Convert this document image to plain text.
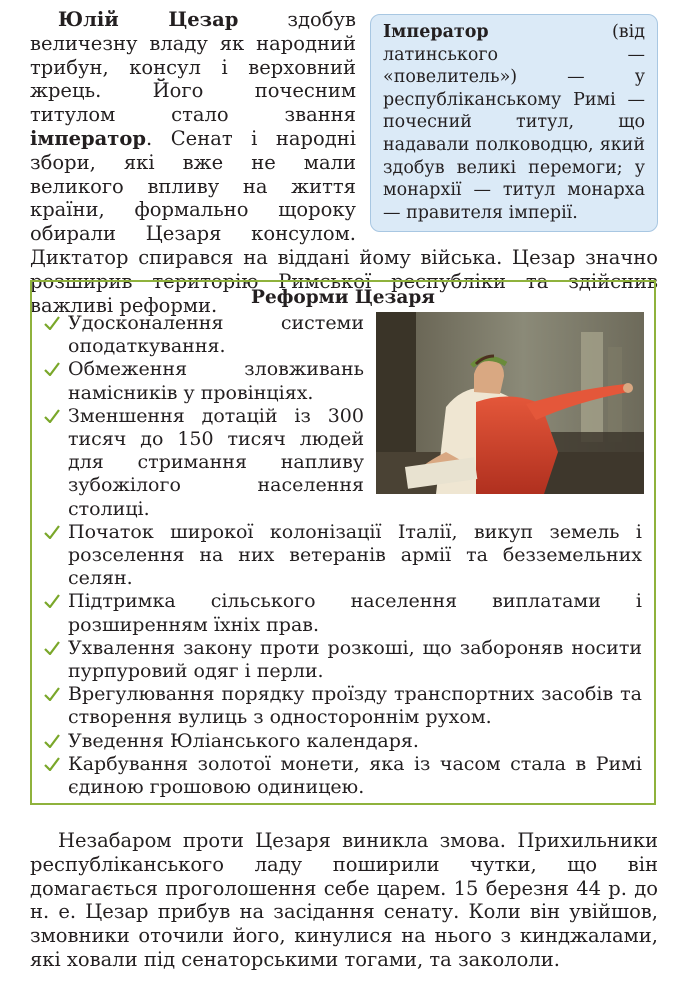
Імператор (від латинського — «повелитель») — у республіканському Римі — почесний титул, що надавали полководцю, який здобув великі перемоги; у монархії — титул монарха — правителя імперії.

Юлій Цезар здобув величезну владу як народний трибун, консул і верховний жрець. Його почесним титулом стало звання імператор. Сенат і народні збори, які вже не мали великого впливу на життя країни, формально щороку обирали Цезаря консулом. Диктатор спирався на віддані йому війська. Цезар значно розширив територію Римської республіки та здійснив важливі реформи.	Реформи Цезаря
Удосконалення системи оподаткування.
Обмеження зловживань намісників у провінціях.
Зменшення дотацій із 300 тисяч до 150 тисяч людей для стримання напливу зубожілого населення столиці.
Початок широкої колонізації Італії, викуп земель і розселення на них ветеранів армії та безземельних селян.
Підтримка сільського населення виплатами і розширенням їхніх прав.
Ухвалення закону проти розкоші, що забороняв носити пурпуровий одяг і перли.
Врегулювання порядку проїзду транспортних засобів та створення вулиць з одностороннім рухом.
Уведення Юліанського календаря.
Карбування золотої монети, яка із часом стала в Римі єдиною грошовою одиницею.

Незабаром проти Цезаря виникла змова. Прихильники республіканського ладу поширили чутки, що він домагається проголошення себе царем. 15 березня 44 р. до н. е. Цезар прибув на засідання сенату. Коли він увійшов, змовники оточили його, кинулися на нього з кинджалами, які ховали під сенаторськими тогами, та закололи.
